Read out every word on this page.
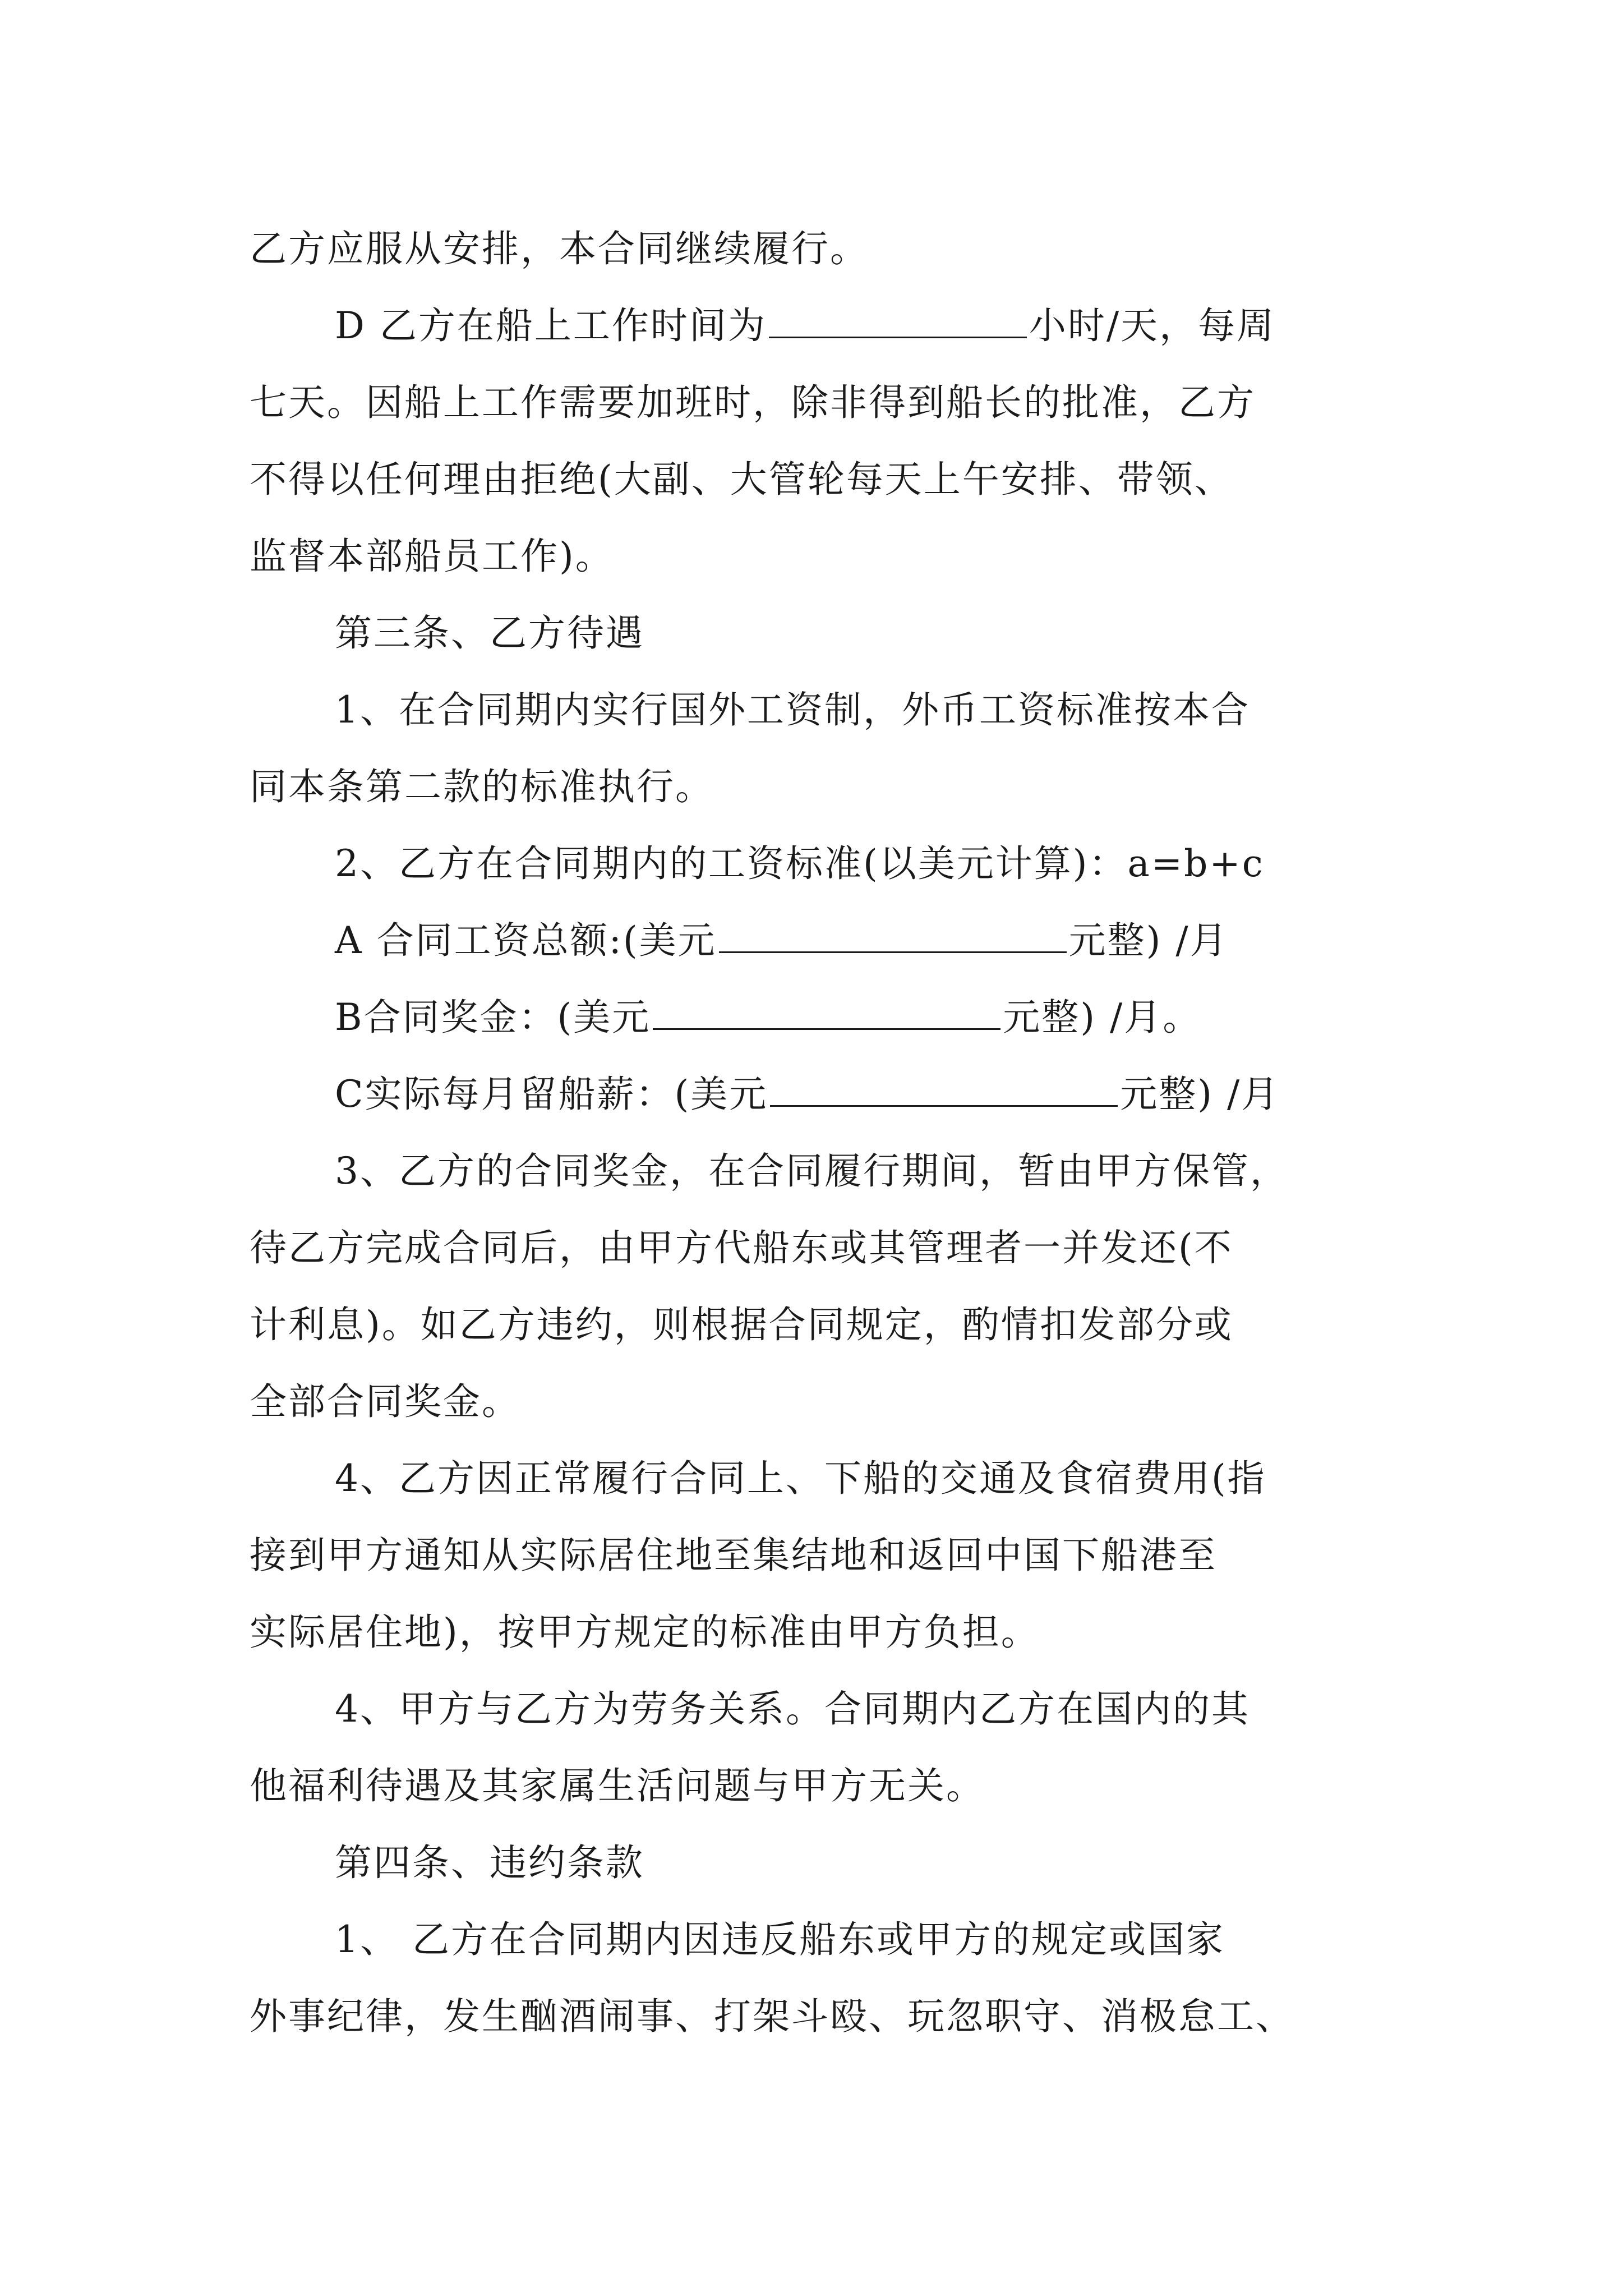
乙方应服从安排，本合同继续履行。
D 乙方在船上工作时间为	小时/天，每周
七天。因船上工作需要加班时，除非得到船长的批准，乙方
不得以任何理由拒绝(大副、大管轮每天上午安排、带领、
监督本部船员工作)。
第三条、乙方待遇
1、在合同期内实行国外工资制，外币工资标准按本合
同本条第二款的标准执行。
2、乙方在合同期内的工资标准(以美元计算)：a=b+c
A 合同工资总额:(美元	元整) /月
B合同奖金：(美元	元整) /月。
C实际每月留船薪：(美元	元整) /月
3、乙方的合同奖金，在合同履行期间，暂由甲方保管，
待乙方完成合同后，由甲方代船东或其管理者一并发还(不
计利息)。如乙方违约，则根据合同规定，酌情扣发部分或
全部合同奖金。
4、乙方因正常履行合同上、下船的交通及食宿费用(指
接到甲方通知从实际居住地至集结地和返回中国下船港至
实际居住地)，按甲方规定的标准由甲方负担。
4、甲方与乙方为劳务关系。合同期内乙方在国内的其
他福利待遇及其家属生活问题与甲方无关。
第四条、违约条款
1、 乙方在合同期内因违反船东或甲方的规定或国家
外事纪律，发生酗酒闹事、打架斗殴、玩忽职守、消极怠工、
